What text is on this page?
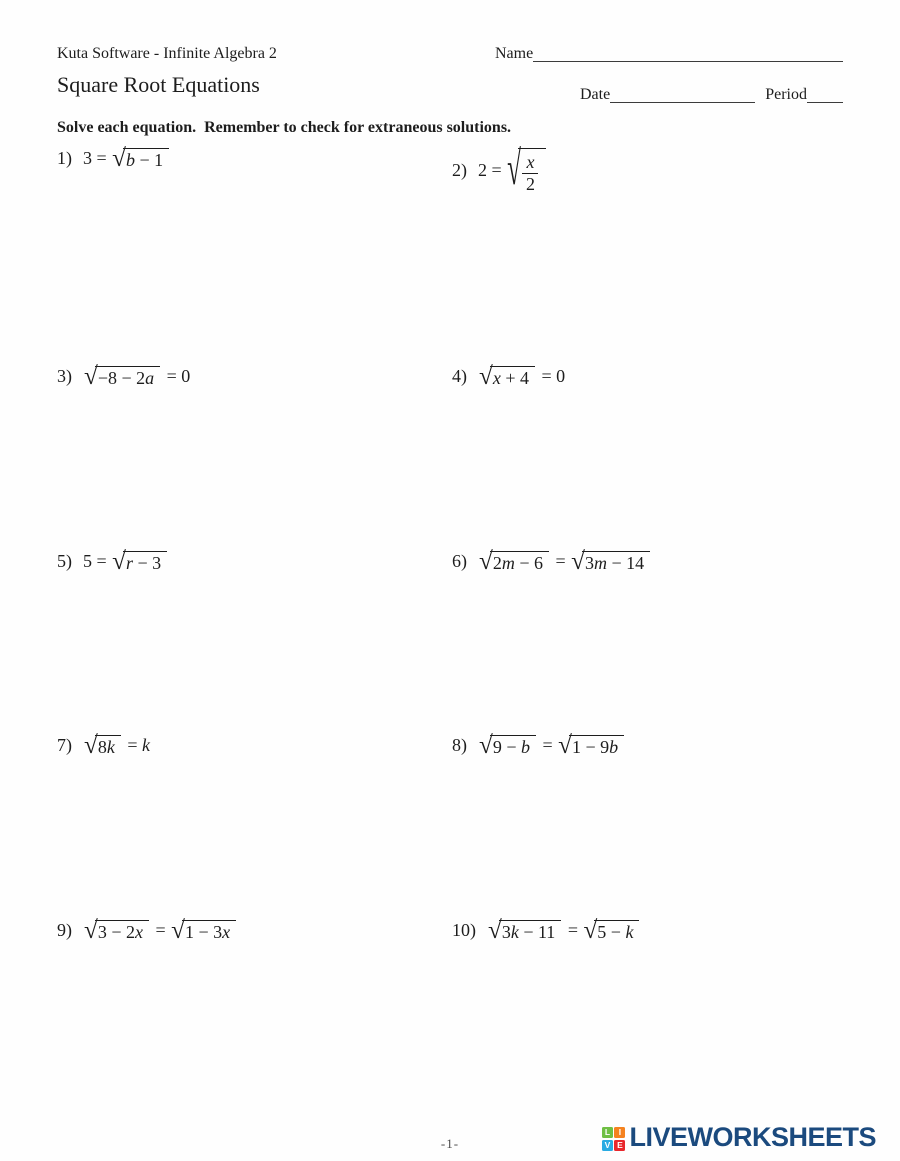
Kuta Software - Infinite Algebra 2	Name
Square Root Equations	Date	Period
Solve each equation.  Remember to check for extraneous solutions.
1) 3 = √ b − 1	2) 2 = √ $\frac{x}{2}$
3) √ −8 − 2 a = 0	4) √ x + 4 = 0
5) 5 = √ r − 3	6) √ 2 m − 6 = √ 3 m − 14
7) √ 8 k = k	8) √ 9 − b = √ 1 − 9 b
9) √ 3 − 2 x = √ 1 − 3 x	10) √ 3 k − 11 = √ 5 − k
-1-
L	I
V E LIVEWORKSHEETS
